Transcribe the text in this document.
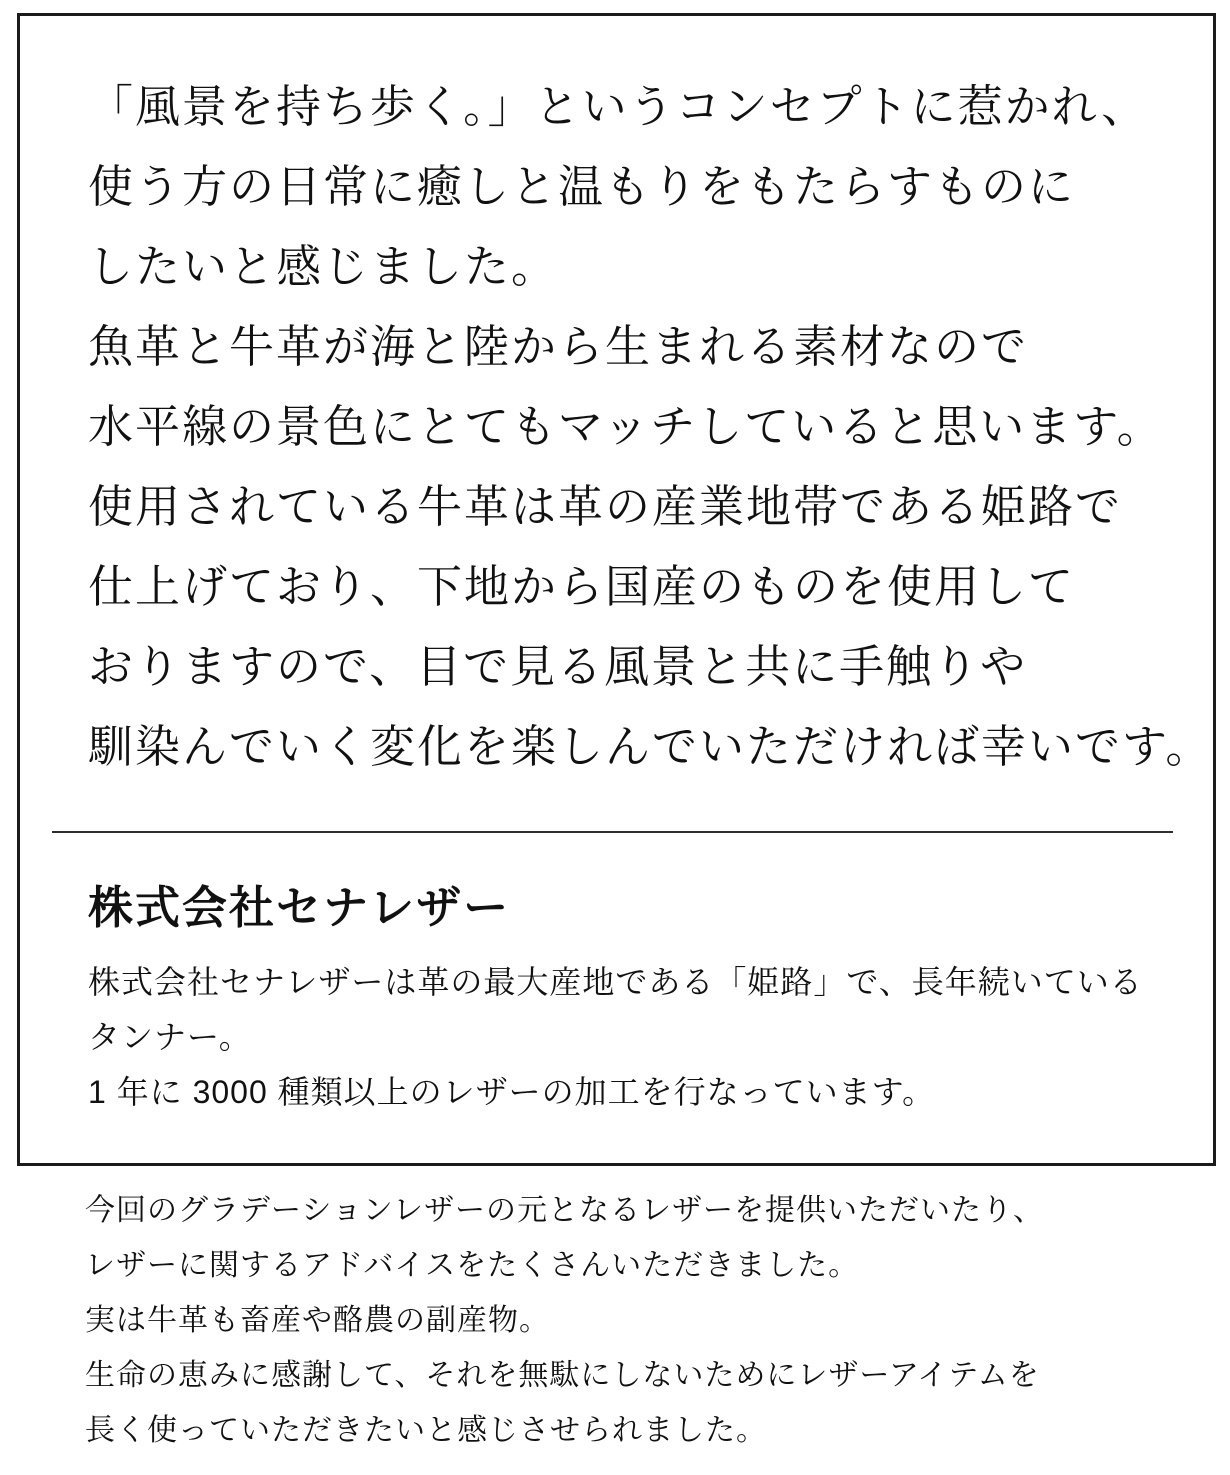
「風景を持ち歩く。」というコンセプトに惹かれ、
使う方の日常に癒しと温もりをもたらすものに
したいと感じました。
魚革と牛革が海と陸から生まれる素材なので
水平線の景色にとてもマッチしていると思います。
使用されている牛革は革の産業地帯である姫路で
仕上げており、下地から国産のものを使用して
おりますので、目で見る風景と共に手触りや
馴染んでいく変化を楽しんでいただければ幸いです。
株式会社セナレザー
株式会社セナレザーは革の最大産地である「姫路」で、長年続いている
タンナー。
1 年に 3000 種類以上のレザーの加工を行なっています。
今回のグラデーションレザーの元となるレザーを提供いただいたり、
レザーに関するアドバイスをたくさんいただきました。
実は牛革も畜産や酪農の副産物。
生命の恵みに感謝して、それを無駄にしないためにレザーアイテムを
長く使っていただきたいと感じさせられました。
